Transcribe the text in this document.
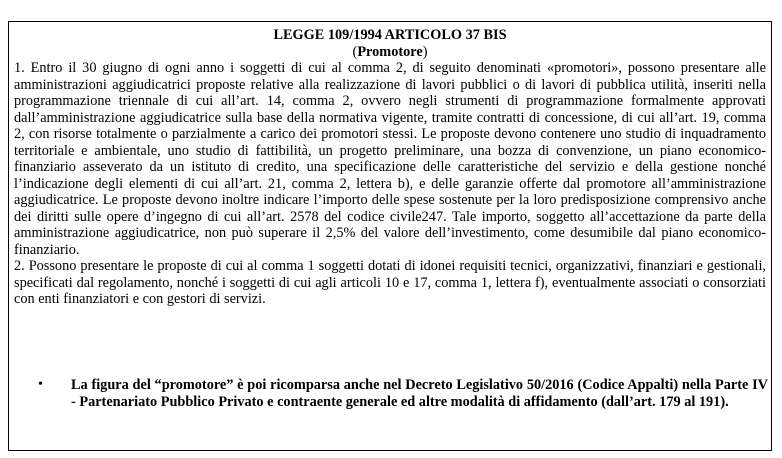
LEGGE 109/1994 ARTICOLO 37 BIS

(Promotore)

1. Entro il 30 giugno di ogni anno i soggetti di cui al comma 2, di seguito denominati «promotori», possono presentare alle amministrazioni aggiudicatrici proposte relative alla realizzazione di lavori pubblici o di lavori di pubblica utilità, inseriti nella programmazione triennale di cui all’art. 14, comma 2, ovvero negli strumenti di programmazione formalmente approvati dall’amministrazione aggiudicatrice sulla base della normativa vigente, tramite contratti di concessione, di cui all’art. 19, comma 2, con risorse totalmente o parzialmente a carico dei promotori stessi. Le proposte devono contenere uno studio di inquadramento territoriale e ambientale, uno studio di fattibilità, un progetto preliminare, una bozza di convenzione, un piano economico-finanziario asseverato da un istituto di credito, una specificazione delle caratteristiche del servizio e della gestione nonché l’indicazione degli elementi di cui all’art. 21, comma 2, lettera b), e delle garanzie offerte dal promotore all’amministrazione aggiudicatrice. Le proposte devono inoltre indicare l’importo delle spese sostenute per la loro predisposizione comprensivo anche dei diritti sulle opere d’ingegno di cui all’art. 2578 del codice civile247. Tale importo, soggetto all’accettazione da parte della amministrazione aggiudicatrice, non può superare il 2,5% del valore dell’investimento, come desumibile dal piano economico-finanziario.

2. Possono presentare le proposte di cui al comma 1 soggetti dotati di idonei requisiti tecnici, organizzativi, finanziari e gestionali, specificati dal regolamento, nonché i soggetti di cui agli articoli 10 e 17, comma 1, lettera f), eventualmente associati o consorziati con enti finanziatori e con gestori di servizi.

• La figura del “promotore” è poi ricomparsa anche nel Decreto Legislativo 50/2016 (Codice Appalti) nella Parte IV - Partenariato Pubblico Privato e contraente generale ed altre modalità di affidamento (dall’art. 179 al 191).
